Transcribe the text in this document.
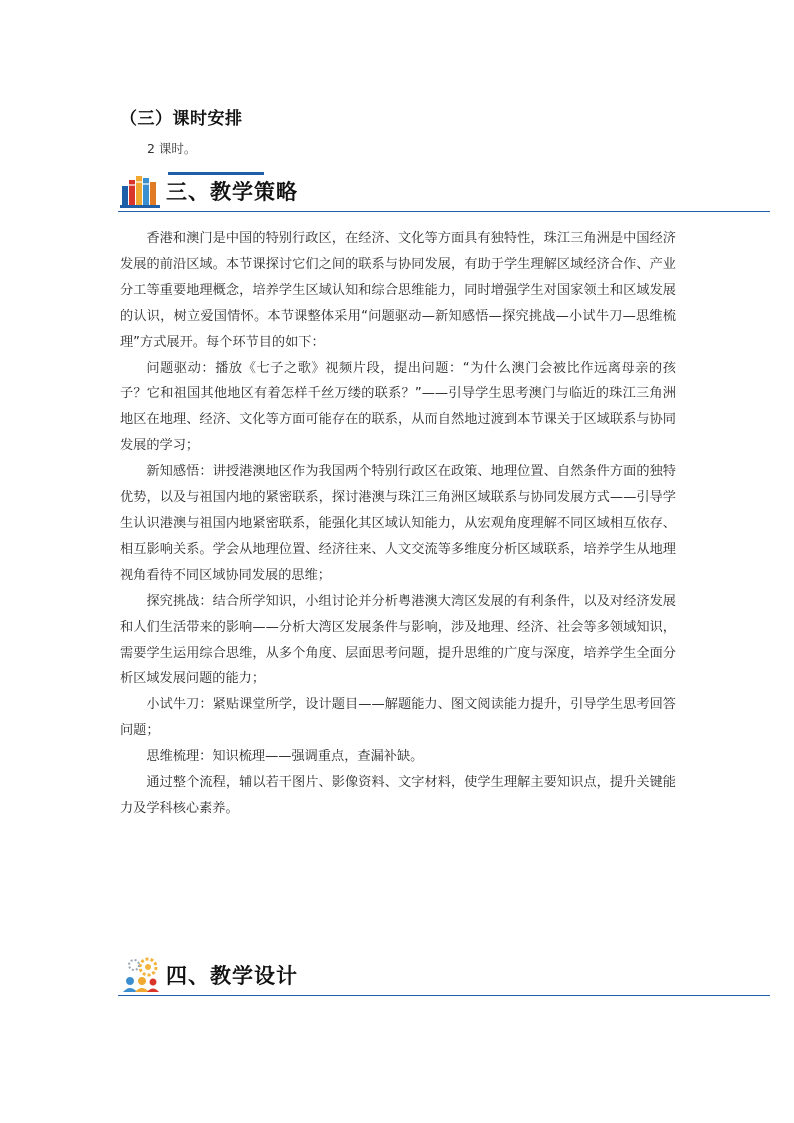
（三）课时安排
2 课时。
三、教学策略

香港和澳门是中国的特别行政区，在经济、文化等方面具有独特性，珠江三角洲是中国经济发展的前沿区域。本节课探讨它们之间的联系与协同发展，有助于学生理解区域经济合作、产业分工等重要地理概念，培养学生区域认知和综合思维能力，同时增强学生对国家领土和区域发展的认识，树立爱国情怀。本节课整体采用“问题驱动—新知感悟—探究挑战—小试牛刀—思维梳理”方式展开。每个环节目的如下：

问题驱动：播放《七子之歌》视频片段，提出问题：“为什么澳门会被比作远离母亲的孩子？它和祖国其他地区有着怎样千丝万缕的联系？”——引导学生思考澳门与临近的珠江三角洲地区在地理、经济、文化等方面可能存在的联系，从而自然地过渡到本节课关于区域联系与协同发展的学习；

新知感悟：讲授港澳地区作为我国两个特别行政区在政策、地理位置、自然条件方面的独特优势，以及与祖国内地的紧密联系，探讨港澳与珠江三角洲区域联系与协同发展方式——引导学生认识港澳与祖国内地紧密联系，能强化其区域认知能力，从宏观角度理解不同区域相互依存、相互影响关系。学会从地理位置、经济往来、人文交流等多维度分析区域联系，培养学生从地理视角看待不同区域协同发展的思维；

探究挑战：结合所学知识，小组讨论并分析粤港澳大湾区发展的有利条件，以及对经济发展和人们生活带来的影响——分析大湾区发展条件与影响，涉及地理、经济、社会等多领域知识，需要学生运用综合思维，从多个角度、层面思考问题，提升思维的广度与深度，培养学生全面分析区域发展问题的能力；

小试牛刀：紧贴课堂所学，设计题目——解题能力、图文阅读能力提升，引导学生思考回答问题；

思维梳理：知识梳理——强调重点，查漏补缺。

通过整个流程，辅以若干图片、影像资料、文字材料，使学生理解主要知识点，提升关键能力及学科核心素养。

四、教学设计
